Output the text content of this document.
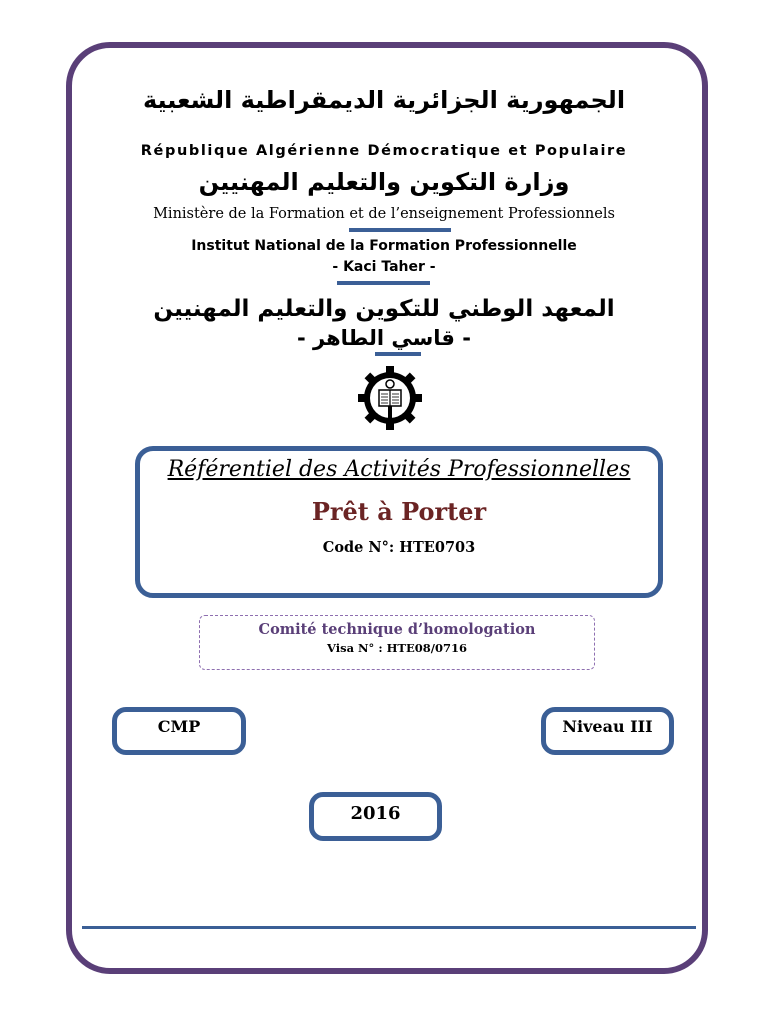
الجمهورية الجزائرية الديمقراطية الشعبية
République Algérienne Démocratique et Populaire
وزارة التكوين والتعليم المهنيين
Ministère de la Formation et de l’enseignement Professionnels
Institut National de la Formation Professionnelle
- Kaci Taher -
المعهد الوطني للتكوين والتعليم المهنيين
- قاسي الطاهر -
Référentiel des Activités Professionnelles
Prêt à Porter
Code N°: HTE0703
Comité technique d’homologation
Visa N° : HTE08/0716
CMP	Niveau III
2016
